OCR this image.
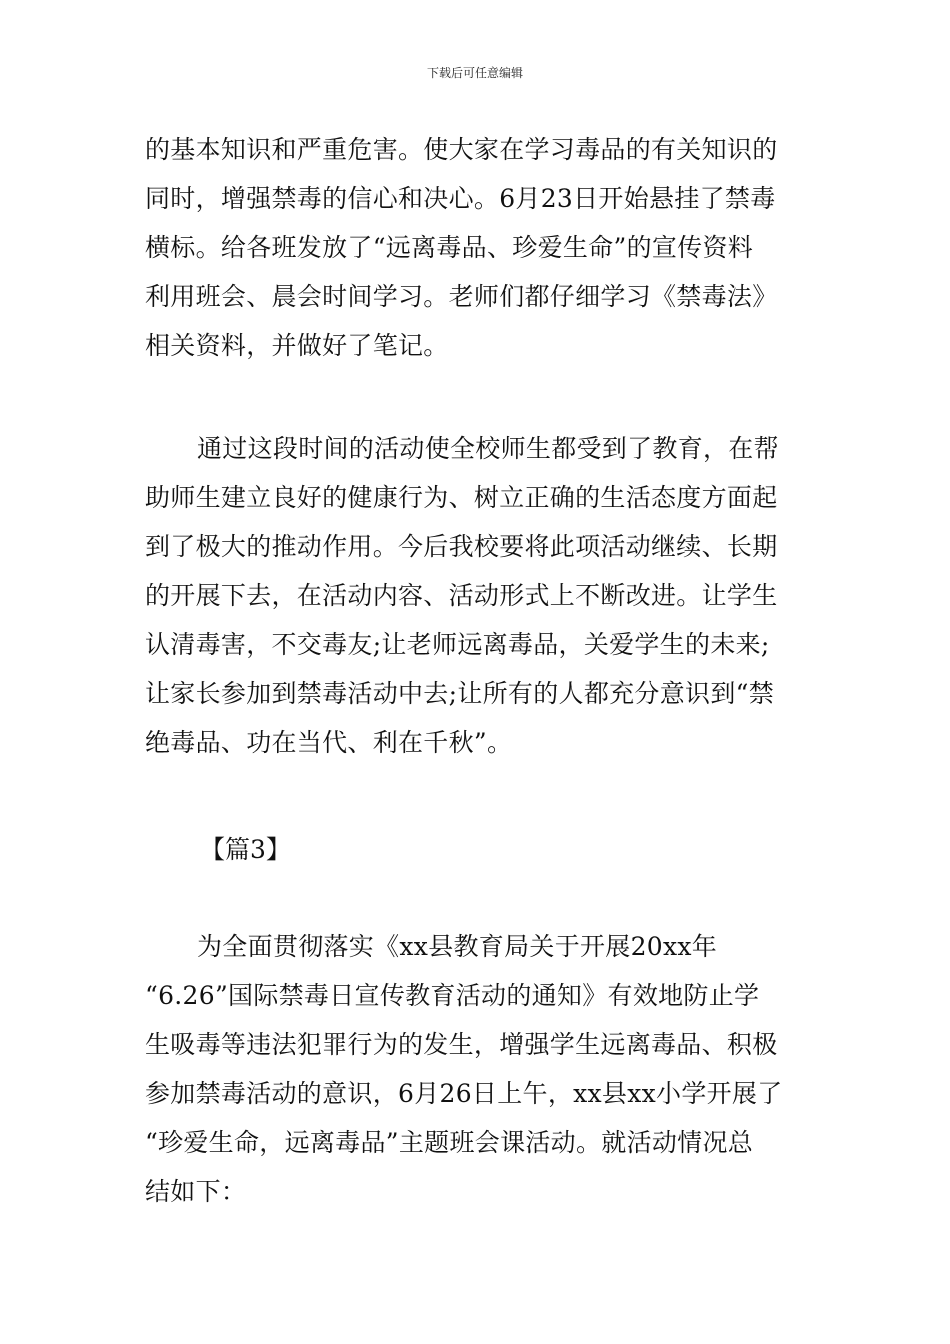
下载后可任意编辑
的基本知识和严重危害。使大家在学习毒品的有关知识的
同时，增强禁毒的信心和决心。6月23日开始悬挂了禁毒
横标。给各班发放了“远离毒品、珍爱生命”的宣传资料
利用班会、晨会时间学习。老师们都仔细学习《禁毒法》
相关资料，并做好了笔记。
通过这段时间的活动使全校师生都受到了教育，在帮
助师生建立良好的健康行为、树立正确的生活态度方面起
到了极大的推动作用。今后我校要将此项活动继续、长期
的开展下去，在活动内容、活动形式上不断改进。让学生
认清毒害，不交毒友;让老师远离毒品，关爱学生的未来;
让家长参加到禁毒活动中去;让所有的人都充分意识到“禁
绝毒品、功在当代、利在千秋”。
【篇3】
为全面贯彻落实《xx县教育局关于开展20xx年
“6.26”国际禁毒日宣传教育活动的通知》有效地防止学
生吸毒等违法犯罪行为的发生，增强学生远离毒品、积极
参加禁毒活动的意识，6月26日上午，xx县xx小学开展了
“珍爱生命，远离毒品”主题班会课活动。就活动情况总
结如下：
